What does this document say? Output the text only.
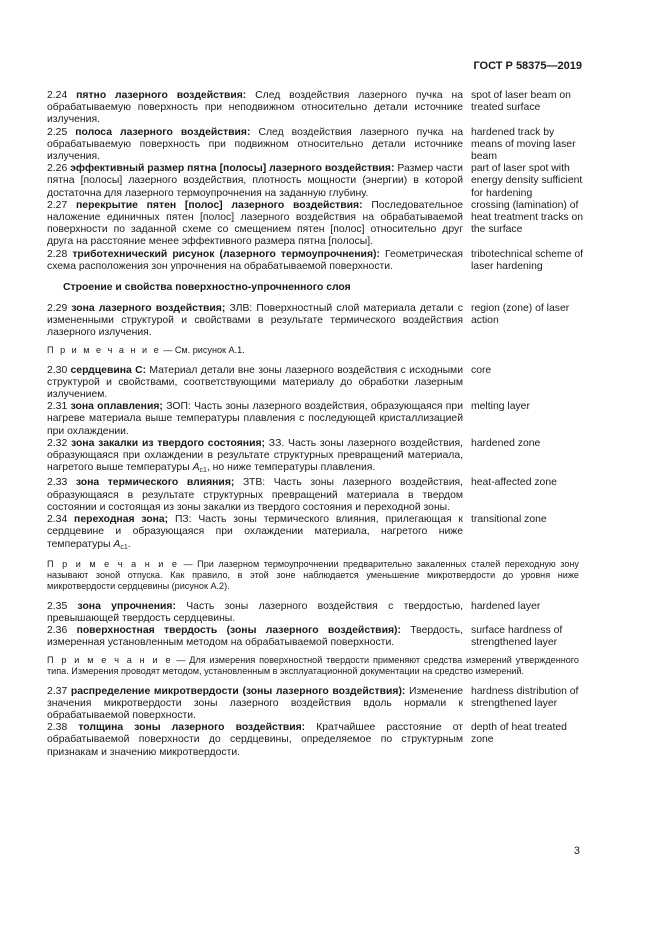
ГОСТ Р 58375—2019
2.24 пятно лазерного воздействия: След воздействия лазерного пучка на обрабатываемую поверхность при неподвижном относительно детали источнике излучения.
spot of laser beam on treated surface
2.25 полоса лазерного воздействия: След воздействия лазерного пучка на обрабатываемую поверхность при подвижном относительно детали источнике излучения.
hardened track by means of moving laser beam
2.26 эффективный размер пятна [полосы] лазерного воздействия: Размер части пятна [полосы] лазерного воздействия, плотность мощности (энергии) в которой достаточна для лазерного термоупрочнения на заданную глубину.
part of laser spot with energy density sufficient for hardening
2.27 перекрытие пятен [полос] лазерного воздействия: Последовательное наложение единичных пятен [полос] лазерного воздействия на обрабатываемой поверхности по заданной схеме со смещением пятен [полос] относительно друг друга на расстояние менее эффективного размера пятна [полосы].
crossing (lamination) of heat treatment tracks on the surface
2.28 триботехнический рисунок (лазерного термоупрочнения): Геометрическая схема расположения зон упрочнения на обрабатываемой поверхности.
tribotechnical scheme of laser hardening
Строение и свойства поверхностно-упрочненного слоя
2.29 зона лазерного воздействия; ЗЛВ: Поверхностный слой материала детали с измененными структурой и свойствами в результате термического воздействия лазерного излучения.
region (zone) of laser action
П р и м е ч а н и е — См. рисунок А.1.
2.30 сердцевина С: Материал детали вне зоны лазерного воздействия с исходными структурой и свойствами, соответствующими материалу до обработки лазерным излучением.
core
2.31 зона оплавления; ЗОП: Часть зоны лазерного воздействия, образующаяся при нагреве материала выше температуры плавления с последующей кристаллизацией при охлаждении.
melting layer
2.32 зона закалки из твердого состояния; ЗЗ. Часть зоны лазерного воздействия, образующаяся при охлаждении в результате структурных превращений материала, нагретого выше температуры $A_{c1}$, но ниже температуры плавления.
hardened zone
2.33 зона термического влияния; ЗТВ: Часть зоны лазерного воздействия, образующаяся в результате структурных превращений материала в твердом состоянии и состоящая из зоны закалки из твердого состояния и переходной зоны.
heat-affected zone
2.34 переходная зона; ПЗ: Часть зоны термического влияния, прилегающая к сердцевине и образующаяся при охлаждении материала, нагретого ниже температуры $A_{c1}$.
transitional zone
П р и м е ч а н и е — При лазерном термоупрочнении предварительно закаленных сталей переходную зону называют зоной отпуска. Как правило, в этой зоне наблюдается уменьшение микротвердости до уровня ниже микротвердости сердцевины (рисунок А.2).
2.35 зона упрочнения: Часть зоны лазерного воздействия с твердостью, превышающей твердость сердцевины.
hardened layer
2.36 поверхностная твердость (зоны лазерного воздействия): Твердость, измеренная установленным методом на обрабатываемой поверхности.
surface hardness of strengthened layer
П р и м е ч а н и е — Для измерения поверхностной твердости применяют средства измерений утвержденного типа. Измерения проводят методом, установленным в эксплуатационной документации на средство измерений.
2.37 распределение микротвердости (зоны лазерного воздействия): Изменение значения микротвердости зоны лазерного воздействия вдоль нормали к обрабатываемой поверхности.
hardness distribution of strengthened layer
2.38 толщина зоны лазерного воздействия: Кратчайшее расстояние от обрабатываемой поверхности до сердцевины, определяемое по структурным признакам и значению микротвердости.
depth of heat treated zone
3
